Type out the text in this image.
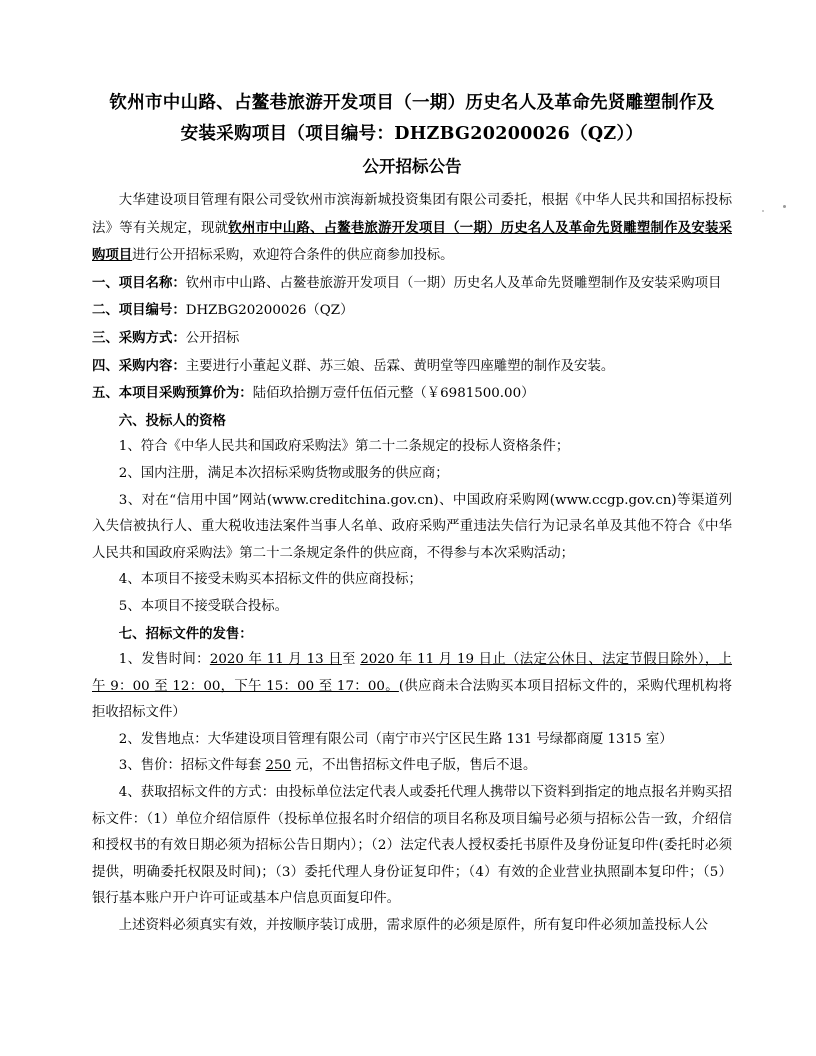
钦州市中山路、占鳌巷旅游开发项目（一期）历史名人及革命先贤雕塑制作及
安装采购项目（项目编号：DHZBG20200026（QZ））
公开招标公告

大华建设项目管理有限公司受钦州市滨海新城投资集团有限公司委托，根据《中华人民共和国招标投标法》等有关规定，现就钦州市中山路、占鳌巷旅游开发项目（一期）历史名人及革命先贤雕塑制作及安装采购项目进行公开招标采购，欢迎符合条件的供应商参加投标。

一、项目名称：钦州市中山路、占鳌巷旅游开发项目（一期）历史名人及革命先贤雕塑制作及安装采购项目

二、项目编号：DHZBG20200026（QZ）

三、采购方式：公开招标

四、采购内容：主要进行小董起义群、苏三娘、岳霖、黄明堂等四座雕塑的制作及安装。

五、本项目采购预算价为：陆佰玖拾捌万壹仟伍佰元整（￥6981500.00）

六、投标人的资格

1、符合《中华人民共和国政府采购法》第二十二条规定的投标人资格条件；

2、国内注册，满足本次招标采购货物或服务的供应商；

3、对在“信用中国”网站(www.creditchina.gov.cn)、中国政府采购网(www.ccgp.gov.cn)等渠道列入失信被执行人、重大税收违法案件当事人名单、政府采购严重违法失信行为记录名单及其他不符合《中华人民共和国政府采购法》第二十二条规定条件的供应商，不得参与本次采购活动；

4、本项目不接受未购买本招标文件的供应商投标；

5、本项目不接受联合投标。

七、招标文件的发售：

1、发售时间：2020 年 11 月 13 日至 2020 年 11 月 19 日止（法定公休日、法定节假日除外），上午 9：00 至 12：00，下午 15：00 至 17：00。(供应商未合法购买本项目招标文件的，采购代理机构将拒收招标文件）

2、发售地点：大华建设项目管理有限公司（南宁市兴宁区民生路 131 号绿都商厦 1315 室）

3、售价：招标文件每套 250 元，不出售招标文件电子版，售后不退。

4、获取招标文件的方式：由投标单位法定代表人或委托代理人携带以下资料到指定的地点报名并购买招标文件：（1）单位介绍信原件（投标单位报名时介绍信的项目名称及项目编号必须与招标公告一致，介绍信和授权书的有效日期必须为招标公告日期内）；（2）法定代表人授权委托书原件及身份证复印件(委托时必须提供，明确委托权限及时间)；（3）委托代理人身份证复印件；（4）有效的企业营业执照副本复印件；（5）银行基本账户开户许可证或基本户信息页面复印件。

上述资料必须真实有效，并按顺序装订成册，需求原件的必须是原件，所有复印件必须加盖投标人公
